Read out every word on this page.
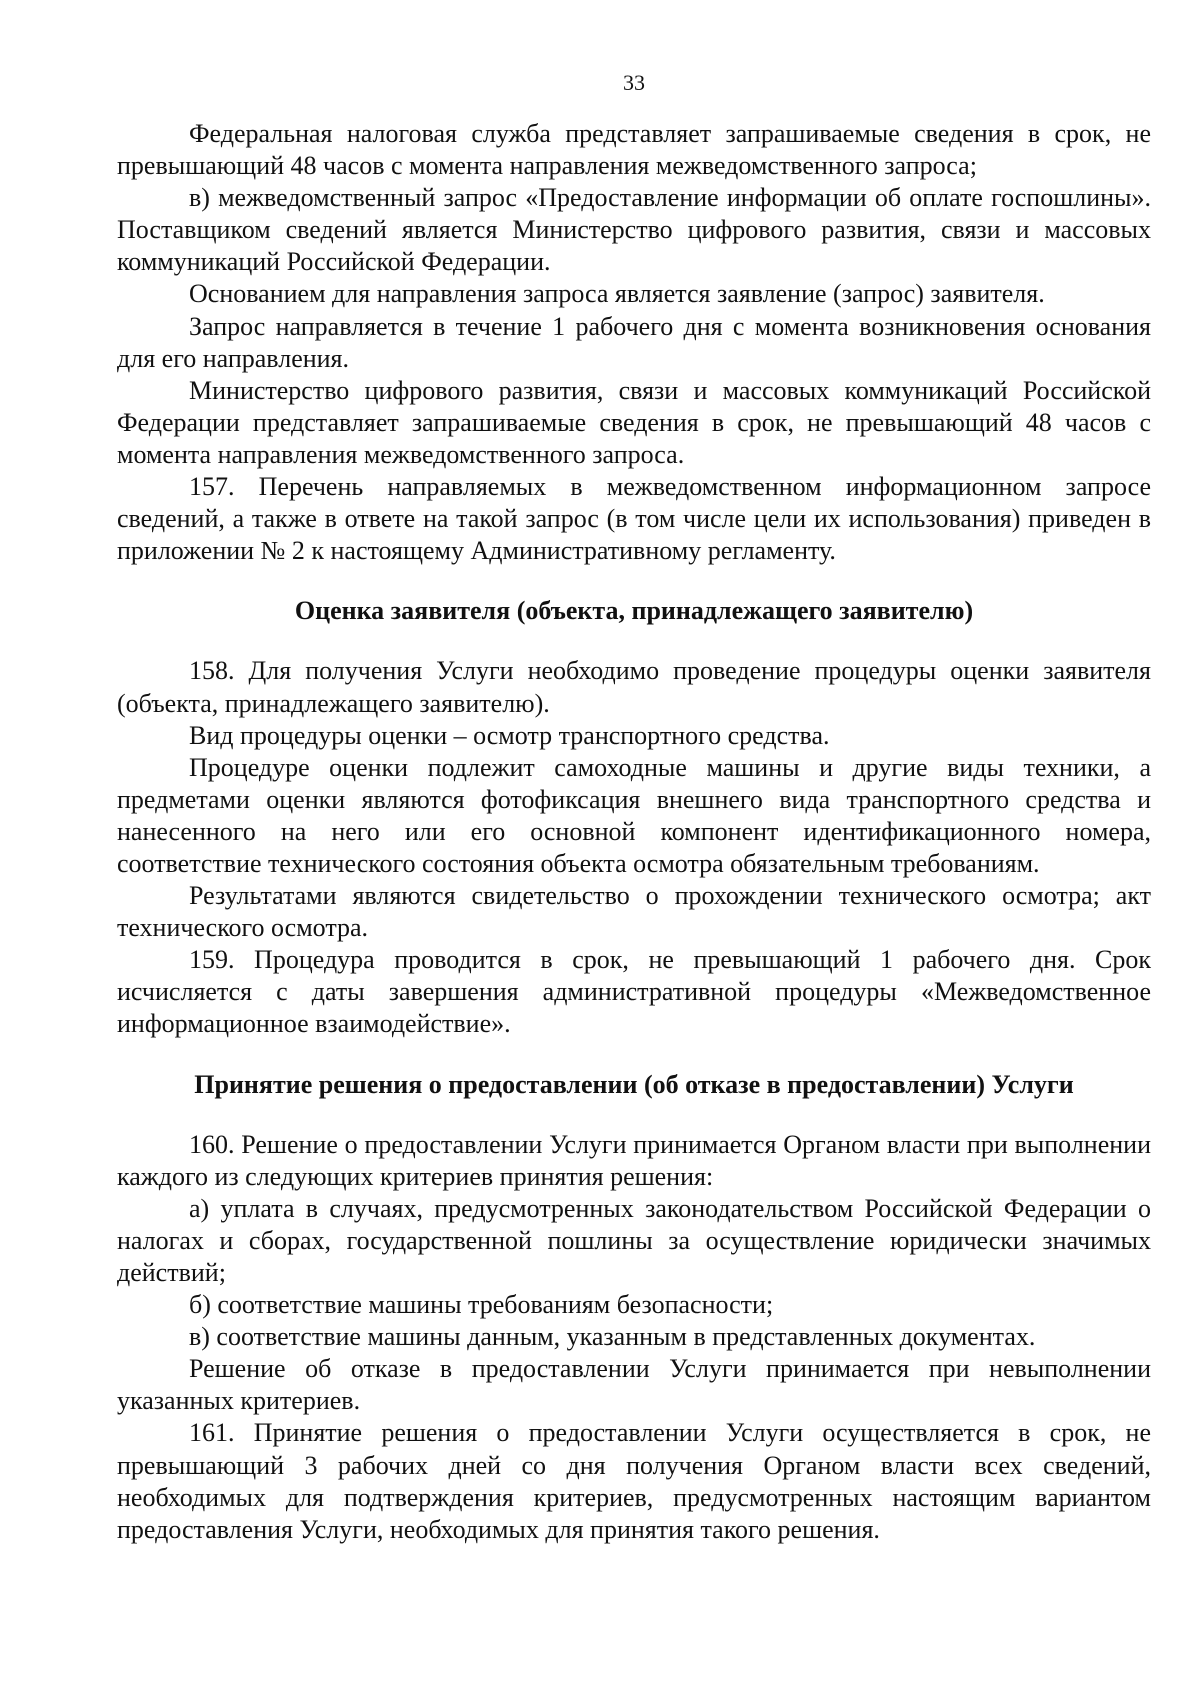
33

Федеральная налоговая служба представляет запрашиваемые сведения в срок, не превышающий 48 часов с момента направления межведомственного запроса;

в) межведомственный запрос «Предоставление информации об оплате госпошлины». Поставщиком сведений является Министерство цифрового развития, связи и массовых коммуникаций Российской Федерации.

Основанием для направления запроса является заявление (запрос) заявителя.

Запрос направляется в течение 1 рабочего дня с момента возникновения основания для его направления.

Министерство цифрового развития, связи и массовых коммуникаций Российской Федерации представляет запрашиваемые сведения в срок, не превышающий 48 часов с момента направления межведомственного запроса.

157. Перечень направляемых в межведомственном информационном запросе сведений, а также в ответе на такой запрос (в том числе цели их использования) приведен в приложении № 2 к настоящему Административному регламенту.

Оценка заявителя (объекта, принадлежащего заявителю)

158. Для получения Услуги необходимо проведение процедуры оценки заявителя (объекта, принадлежащего заявителю).

Вид процедуры оценки – осмотр транспортного средства.

Процедуре оценки подлежит самоходные машины и другие виды техники, а предметами оценки являются фотофиксация внешнего вида транспортного средства и нанесенного на него или его основной компонент идентификационного номера, соответствие технического состояния объекта осмотра обязательным требованиям.

Результатами являются свидетельство о прохождении технического осмотра; акт технического осмотра.

159. Процедура проводится в срок, не превышающий 1 рабочего дня. Срок исчисляется с даты завершения административной процедуры «Межведомственное информационное взаимодействие».

Принятие решения о предоставлении (об отказе в предоставлении) Услуги

160. Решение о предоставлении Услуги принимается Органом власти при выполнении каждого из следующих критериев принятия решения:

а) уплата в случаях, предусмотренных законодательством Российской Федерации о налогах и сборах, государственной пошлины за осуществление юридически значимых действий;

б) соответствие машины требованиям безопасности;

в) соответствие машины данным, указанным в представленных документах.

Решение об отказе в предоставлении Услуги принимается при невыполнении указанных критериев.

161. Принятие решения о предоставлении Услуги осуществляется в срок, не превышающий 3 рабочих дней со дня получения Органом власти всех сведений, необходимых для подтверждения критериев, предусмотренных настоящим вариантом предоставления Услуги, необходимых для принятия такого решения.
